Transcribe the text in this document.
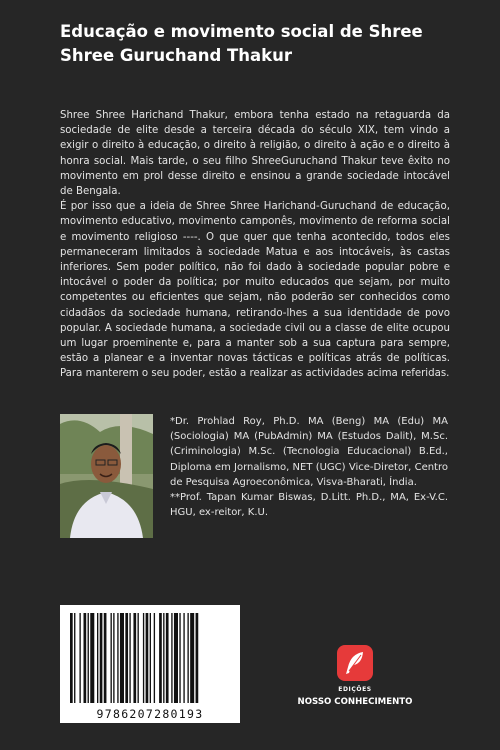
Educação e movimento social de Shree
Shree Guruchand Thakur

Shree Shree Harichand Thakur, embora tenha estado na retaguarda da sociedade de elite desde a terceira década do século XIX, tem vindo a exigir o direito à educação, o direito à religião, o direito à ação e o direito à honra social. Mais tarde, o seu filho ShreeGuruchand Thakur teve êxito no movimento em prol desse direito e ensinou a grande sociedade intocável de Bengala.

É por isso que a ideia de Shree Shree Harichand-Guruchand de educação, movimento educativo, movimento camponês, movimento de reforma social e movimento religioso ----. O que quer que tenha acontecido, todos eles permaneceram limitados à sociedade Matua e aos intocáveis, às castas inferiores. Sem poder político, não foi dado à sociedade popular pobre e intocável o poder da política; por muito educados que sejam, por muito competentes ou eficientes que sejam, não poderão ser conhecidos como cidadãos da sociedade humana, retirando-lhes a sua identidade de povo popular. A sociedade humana, a sociedade civil ou a classe de elite ocupou um lugar proeminente e, para a manter sob a sua captura para sempre, estão a planear e a inventar novas tácticas e políticas atrás de políticas. Para manterem o seu poder, estão a realizar as actividades acima referidas.

*Dr. Prohlad Roy, Ph.D. MA (Beng) MA (Edu) MA (Sociologia) MA (PubAdmin) MA (Estudos Dalit), M.Sc.(Criminologia) M.Sc. (Tecnologia Educacional) B.Ed., Diploma em Jornalismo, NET (UGC) Vice-Diretor, Centro de Pesquisa Agroeconômica, Visva-Bharati, Índia.

**Prof. Tapan Kumar Biswas, D.Litt. Ph.D., MA, Ex-V.C. HGU, ex-reitor, K.U.

9786207280193
EDIÇÕES
NOSSO CONHECIMENTO
